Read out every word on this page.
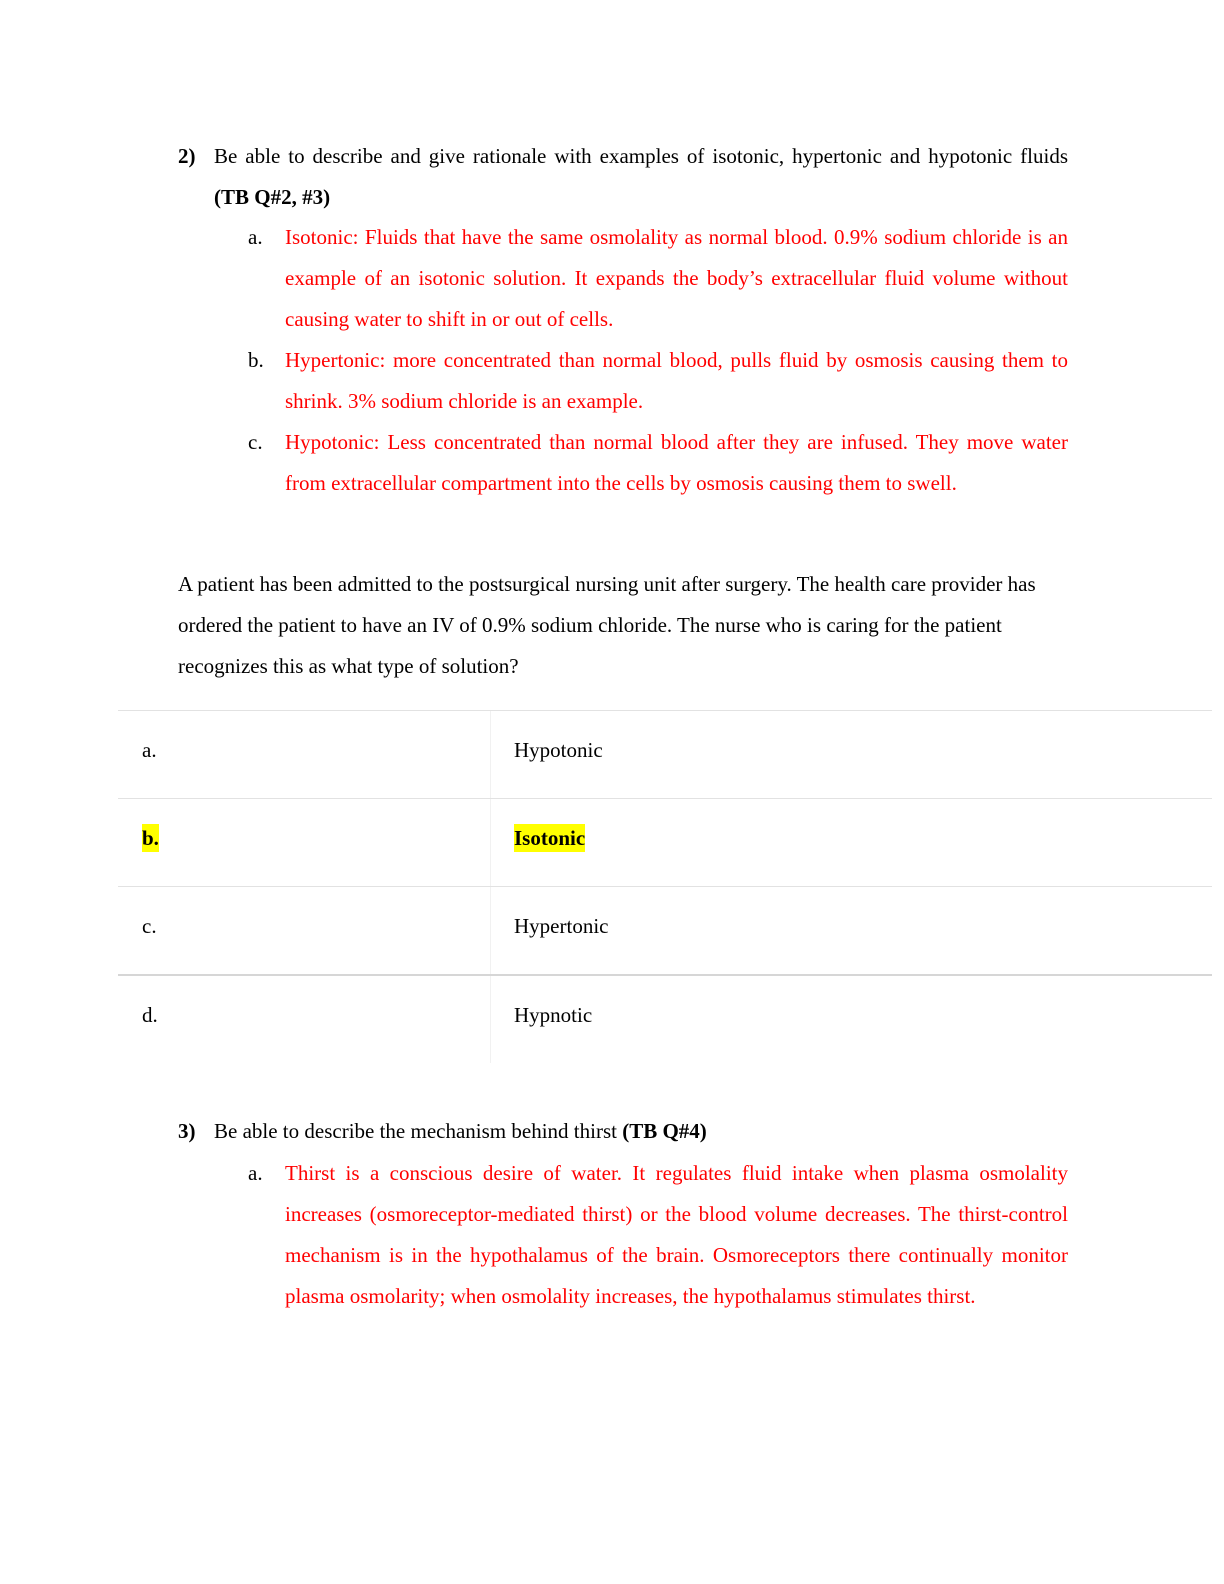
2) Be able to describe and give rationale with examples of isotonic, hypertonic and hypotonic fluids (TB Q#2, #3)
a. Isotonic: Fluids that have the same osmolality as normal blood. 0.9% sodium chloride is an example of an isotonic solution. It expands the body’s extracellular fluid volume without causing water to shift in or out of cells.
b. Hypertonic: more concentrated than normal blood, pulls fluid by osmosis causing them to shrink. 3% sodium chloride is an example.
c. Hypotonic: Less concentrated than normal blood after they are infused. They move water from extracellular compartment into the cells by osmosis causing them to swell.
A patient has been admitted to the postsurgical nursing unit after surgery. The health care provider has ordered the patient to have an IV of 0.9% sodium chloride. The nurse who is caring for the patient recognizes this as what type of solution?
a.	Hypotonic
b.	Isotonic
c.	Hypertonic
d.	Hypnotic
3) Be able to describe the mechanism behind thirst (TB Q#4)
a. Thirst is a conscious desire of water. It regulates fluid intake when plasma osmolality increases (osmoreceptor-mediated thirst) or the blood volume decreases. The thirst-control mechanism is in the hypothalamus of the brain. Osmoreceptors there continually monitor plasma osmolarity; when osmolality increases, the hypothalamus stimulates thirst.
